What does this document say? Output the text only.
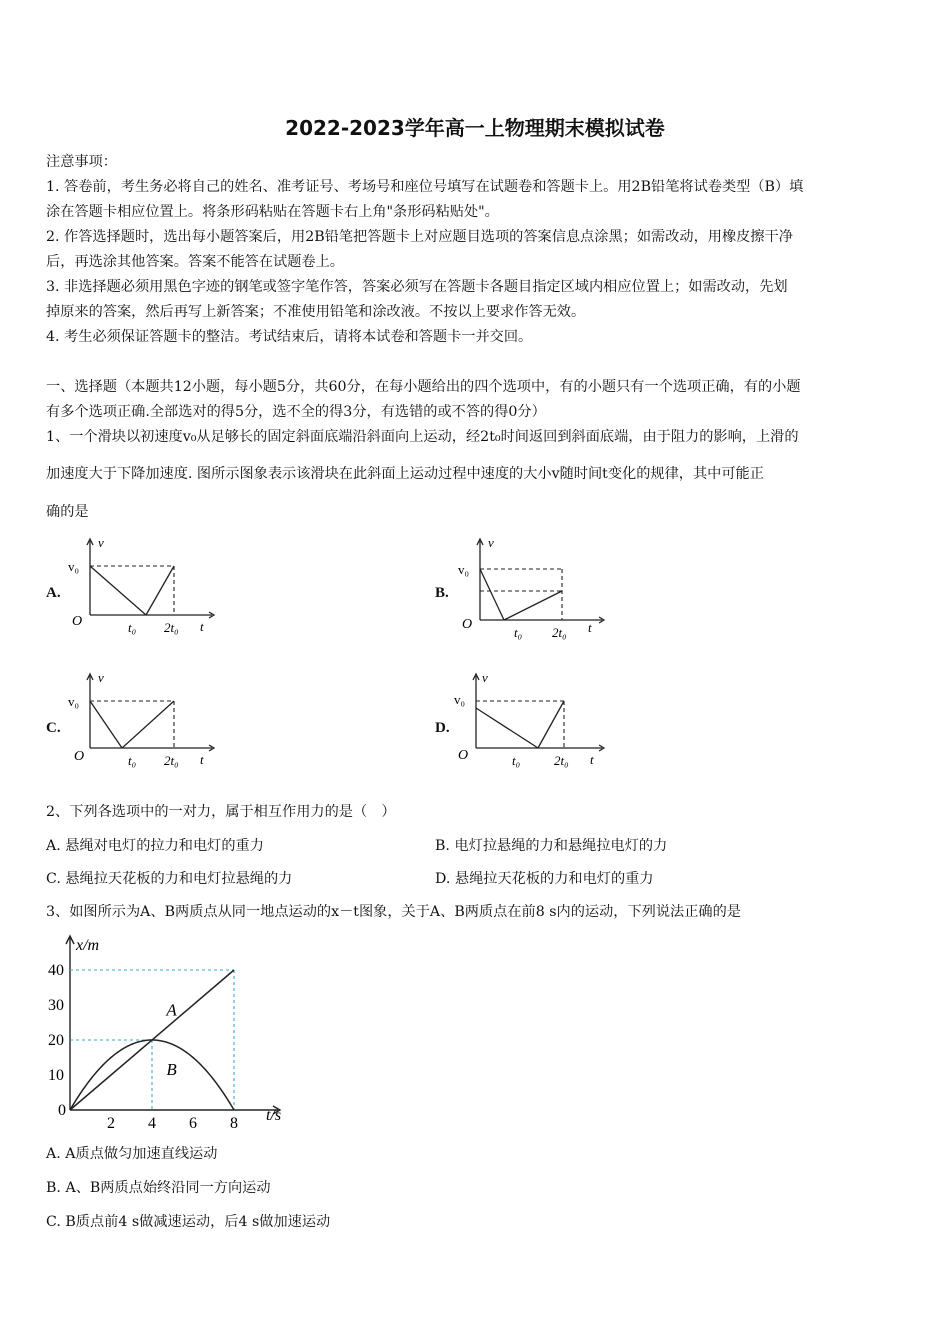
2022-2023学年高一上物理期末模拟试卷
注意事项：
1. 答卷前，考生务必将自己的姓名、准考证号、考场号和座位号填写在试题卷和答题卡上。用2B铅笔将试卷类型（B）填
涂在答题卡相应位置上。将条形码粘贴在答题卡右上角"条形码粘贴处"。
2. 作答选择题时，选出每小题答案后，用2B铅笔把答题卡上对应题目选项的答案信息点涂黑；如需改动，用橡皮擦干净
后，再选涂其他答案。答案不能答在试题卷上。
3. 非选择题必须用黑色字迹的钢笔或签字笔作答，答案必须写在答题卡各题目指定区域内相应位置上；如需改动，先划
掉原来的答案，然后再写上新答案；不准使用铅笔和涂改液。不按以上要求作答无效。
4. 考生必须保证答题卡的整洁。考试结束后，请将本试卷和答题卡一并交回。
一、选择题（本题共12小题，每小题5分，共60分，在每小题给出的四个选项中，有的小题只有一个选项正确，有的小题
有多个选项正确.全部选对的得5分，选不全的得3分，有选错的或不答的得0分）
1、一个滑块以初速度v₀从足够长的固定斜面底端沿斜面向上运动，经2t₀时间返回到斜面底端，由于阻力的影响，上滑的
加速度大于下降加速度. 图所示图象表示该滑块在此斜面上运动过程中速度的大小v随时间t变化的规律，其中可能正
确的是
A.
v
v₀
O	t₀ 2t₀ t
B.
v
v₀
O
t₀ 2t₀ t
C.
v
v₀
O	t₀ 2t₀ t
D.
v
v₀
O	t₀	2t₀ t
2、下列各选项中的一对力，属于相互作用力的是（　）
A. 悬绳对电灯的拉力和电灯的重力	B. 电灯拉悬绳的力和悬绳拉电灯的力
C. 悬绳拉天花板的力和电灯拉悬绳的力	D. 悬绳拉天花板的力和电灯的重力
3、如图所示为A、B两质点从同一地点运动的x－t图象，关于A、B两质点在前8 s内的运动，下列说法正确的是
x/m
t/s
A
B
2 4 6 8
0
10
20
30
40
A. A质点做匀加速直线运动
B. A、B两质点始终沿同一方向运动
C. B质点前4 s做减速运动，后4 s做加速运动
